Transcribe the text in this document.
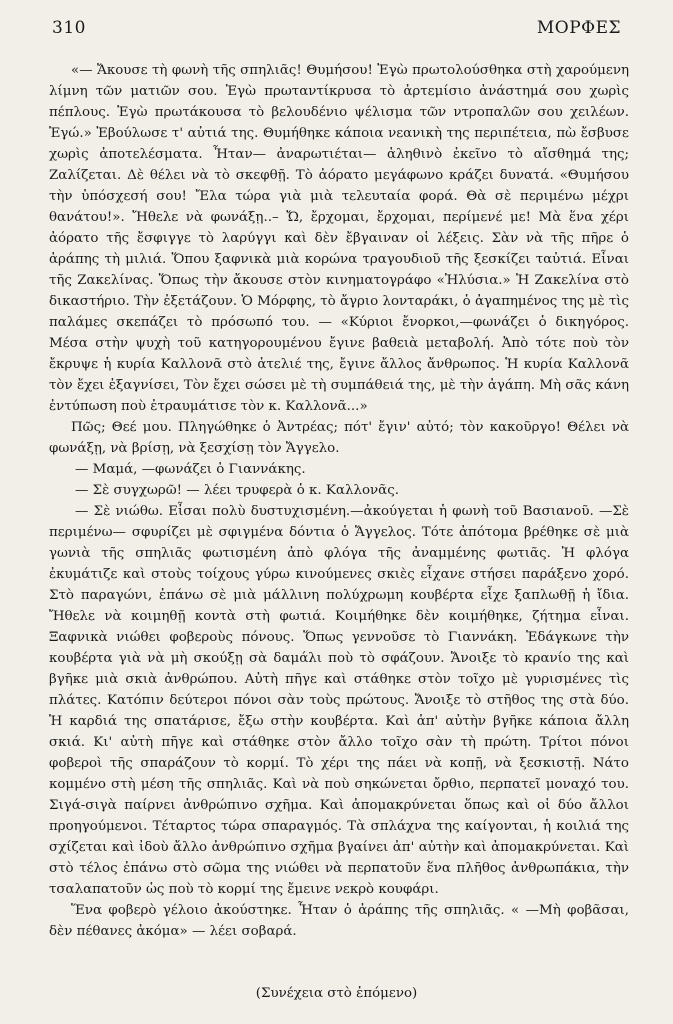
310	ΜΟΡΦΕΣ

«— Ἄκουσε τὴ φωνὴ τῆς σπηλιᾶς! Θυμήσου! Ἐγὼ πρωτολούσθηκα στὴ χαρούμενη λίμνη τῶν ματιῶν σου. Ἐγὼ πρωταντίκρυσα τὸ ἀρτεμίσιο ἀνάστημά σου χωρὶς πέπλους. Ἐγὼ πρωτάκουσα τὸ βελουδένιο ψέλισμα τῶν ντροπαλῶν σου χειλέων. Ἐγώ.» Ἐβούλωσε τ' αὐτιά της. Θυμήθηκε κάποια νεανικὴ της περιπέτεια, πὼ ἔσβυσε χωρὶς ἀποτελέσματα. Ἦταν— ἀναρωτιέται— ἀληθινὸ ἐκεῖνο τὸ αἴσθημά της; Ζαλίζεται. Δὲ θέλει νὰ τὸ σκεφθῇ. Τὸ ἀόρατο μεγάφωνο κράζει δυνατά. «Θυμήσου τὴν ὑπόσχεσή σου! Ἔλα τώρα γιὰ μιὰ τελευταία φορά. Θὰ σὲ περιμένω μέχρι θανάτου!». Ἤθελε νὰ φωνάξῃ..– Ὤ, ἔρχομαι, ἔρχομαι, περίμενέ με! Μὰ ἕνα χέρι ἀόρατο τῆς ἔσφιγγε τὸ λαρύγγι καὶ δὲν ἔβγαιναν οἱ λέξεις. Σὰν νὰ τῆς πῆρε ὁ ἀράπης τὴ μιλιά. Ὅπου ξαφνικὰ μιὰ κορώνα τραγουδιοῦ τῆς ξεσκίζει ταὐτιά. Εἶναι τῆς Ζακελίνας. Ὅπως τὴν ἄκουσε στὸν κινηματογράφο «Ἠλύσια.» Ἡ Ζακελίνα στὸ δικαστήριο. Τὴν ἐξετάζουν. Ὁ Μόρφης, τὸ ἄγριο λονταράκι, ὁ ἀγαπημένος της μὲ τὶς παλάμες σκεπάζει τὸ πρόσωπό του. — «Κύριοι ἔνορκοι,—φωνάζει ὁ δικηγόρος. Μέσα στὴν ψυχὴ τοῦ κατηγορουμένου ἔγινε βαθειὰ μεταβολή. Ἀπὸ τότε ποὺ τὸν ἔκρυψε ἡ κυρία Καλλονᾶ στὸ ἀτελιέ της, ἔγινε ἄλλος ἄνθρωπος. Ἡ κυρία Καλλονᾶ τὸν ἔχει ἐξαγνίσει, Τὸν ἔχει σώσει μὲ τὴ συμπάθειά της, μὲ τὴν ἀγάπη. Μὴ σᾶς κάνη ἐντύπωση ποὺ ἐτραυμάτισε τὸν κ. Καλλονᾶ...»

Πῶς; Θεέ μου. Πληγώθηκε ὁ Ἀντρέας; πότ' ἔγιν' αὐτό; τὸν κακοῦργο! Θέλει νὰ φωνάξῃ, νὰ βρίσῃ, νὰ ξεσχίσῃ τὸν Ἄγγελο.

— Μαμά, —φωνάζει ὁ Γιαννάκης.

— Σὲ συγχωρῶ! — λέει τρυφερὰ ὁ κ. Καλλονᾶς.

— Σὲ νιώθω. Εἶσαι πολὺ δυστυχισμένη.—ἀκούγεται ἡ φωνὴ τοῦ Βασιανοῦ. —Σὲ περιμένω— σφυρίζει μὲ σφιγμένα δόντια ὁ Ἄγγελος. Τότε ἀπότομα βρέθηκε σὲ μιὰ γωνιὰ τῆς σπηλιᾶς φωτισμένη ἀπὸ φλόγα τῆς ἀναμμένης φωτιᾶς. Ἡ φλόγα ἐκυμάτιζε καὶ στοὺς τοίχους γύρω κινούμενες σκιὲς εἶχανε στήσει παράξενο χορό. Στὸ παραγώνι, ἐπάνω σὲ μιὰ μάλλινη πολύχρωμη κουβέρτα εἶχε ξαπλωθῇ ἡ ἴδια. Ἤθελε νὰ κοιμηθῇ κοντὰ στὴ φωτιά. Κοιμήθηκε δὲν κοιμήθηκε, ζήτημα εἶναι. Ξαφνικὰ νιώθει φοβεροὺς πόνους. Ὅπως γεννοῦσε τὸ Γιαννάκη. Ἐδάγκωνε τὴν κουβέρτα γιὰ νὰ μὴ σκούξῃ σὰ δαμάλι ποὺ τὸ σφάζουν. Ἄνοιξε τὸ κρανίο της καὶ βγῆκε μιὰ σκιὰ ἀνθρώπου. Αὐτὴ πῆγε καὶ στάθηκε στὸν τοῖχο μὲ γυρισμένες τὶς πλάτες. Κατόπιν δεύτεροι πόνοι σὰν τοὺς πρώτους. Ἄνοιξε τὸ στῆθος της στὰ δύο. Ἡ καρδιά της σπατάρισε, ἔξω στὴν κουβέρτα. Καὶ ἀπ' αὐτὴν βγῆκε κάποια ἄλλη σκιά. Κι' αὐτὴ πῆγε καὶ στάθηκε στὸν ἄλλο τοῖχο σὰν τὴ πρώτη. Τρίτοι πόνοι φοβεροὶ τῆς σπαράζουν τὸ κορμί. Τὸ χέρι της πάει νὰ κοπῇ, νὰ ξεσκιστῇ. Νάτο κομμένο στὴ μέση τῆς σπηλιᾶς. Καὶ νὰ ποὺ σηκώνεται ὄρθιο, περπατεῖ μοναχό του. Σιγά-σιγὰ παίρνει ἀνθρώπινο σχῆμα. Καὶ ἀπομακρύνεται ὅπως καὶ οἱ δύο ἄλλοι προηγούμενοι. Τέταρτος τώρα σπαραγμός. Τὰ σπλάχνα της καίγονται, ἡ κοιλιά της σχίζεται καὶ ἰδοὺ ἄλλο ἀνθρώπινο σχῆμα βγαίνει ἀπ' αὐτὴν καὶ ἀπομακρύνεται. Καὶ στὸ τέλος ἐπάνω στὸ σῶμα της νιώθει νὰ περπατοῦν ἕνα πλῆθος ἀνθρωπάκια, τὴν τσαλαπατοῦν ὡς ποὺ τὸ κορμί της ἔμεινε νεκρὸ κουφάρι.

Ἕνα φοβερὸ γέλοιο ἀκούστηκε. Ἦταν ὁ ἀράπης τῆς σπηλιᾶς. « —Μὴ φοβᾶσαι, δὲν πέθανες ἀκόμα» — λέει σοβαρά.

(Συνέχεια στὸ ἑπόμενο)
